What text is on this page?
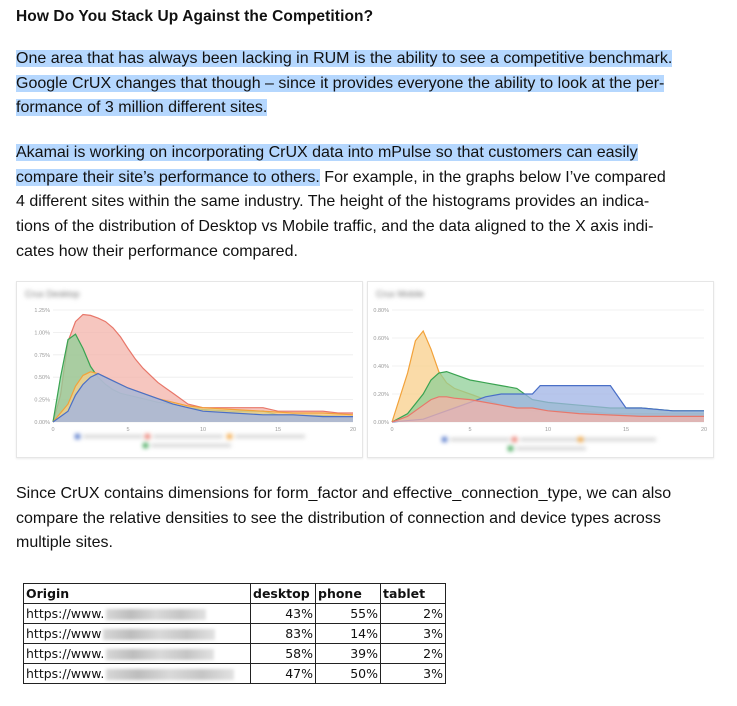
How Do You Stack Up Against the Competition?
One area that has always been lacking in RUM is the ability to see a competitive benchmark.
Google CrUX changes that though – since it provides everyone the ability to look at the per-
formance of 3 million different sites.
Akamai is working on incorporating CrUX data into mPulse so that customers can easily
compare their site’s performance to others. For example, in the graphs below I’ve compared
4 different sites within the same industry. The height of the histograms provides an indica-
tions of the distribution of Desktop vs Mobile traffic, and the data aligned to the X axis indi-
cates how their performance compared.
Crux Desktop
0.00%
0.25%
0.50%
0.75%
1.00%
1.25%
0	5	10	15	20
Crux Mobile
0.00%
0.20%
0.40%
0.60%
0.80%
0	5	10	15	20
Since CrUX contains dimensions for form_factor and effective_connection_type, we can also
compare the relative densities to see the distribution of connection and device types across
multiple sites.
Origin	desktop	phone	tablet
https://www.	43%	55%	2%
https://www	83%	14%	3%
https://www.	58%	39%	2%
https://www.	47%	50%	3%
